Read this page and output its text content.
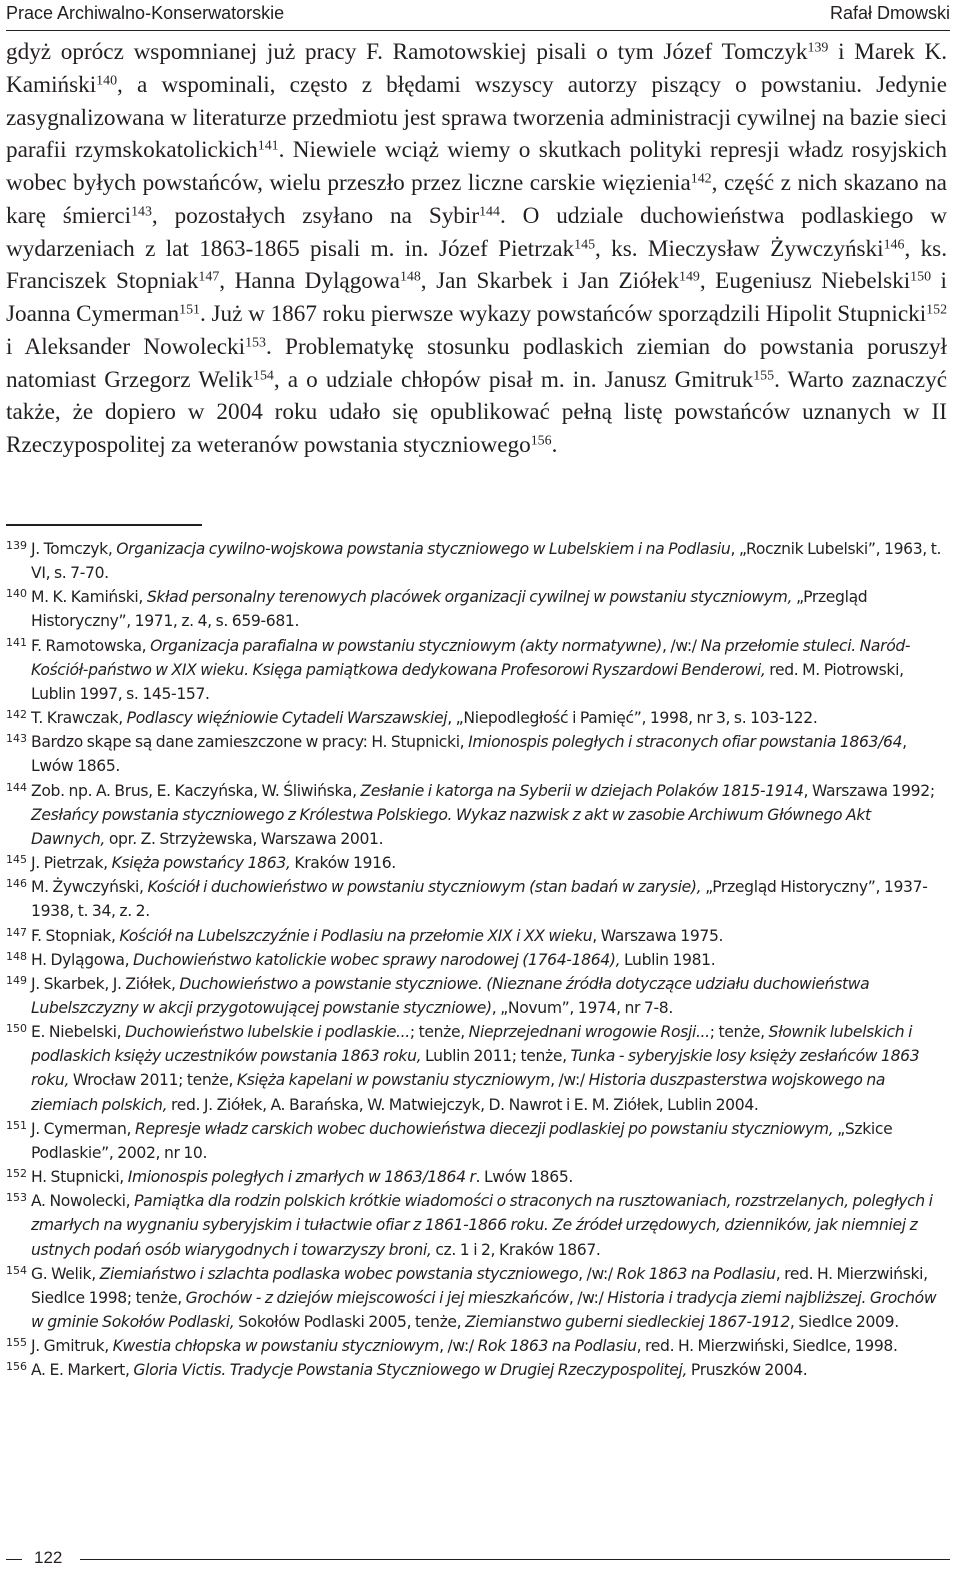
Prace Archiwalno-Konserwatorskie	Rafał Dmowski

gdyż oprócz wspomnianej już pracy F. Ramotowskiej pisali o tym Józef Tomczyk$^{139}$ i Marek K. Kamiński$^{140}$, a wspominali, często z błędami wszyscy autorzy piszący o powstaniu. Jedynie zasygnalizowana w literaturze przedmiotu jest sprawa tworzenia administracji cywilnej na bazie sieci parafii rzymskokatolickich$^{141}$. Niewiele wciąż wiemy o skutkach polityki represji władz rosyjskich wobec byłych powstańców, wielu przeszło przez liczne carskie więzienia$^{142}$, część z nich skazano na karę śmierci$^{143}$, pozostałych zsyłano na Sybir$^{144}$. O udziale duchowieństwa podlaskiego w wydarzeniach z lat 1863-1865 pisali m. in. Józef Pietrzak$^{145}$, ks. Mieczysław Żywczyński$^{146}$, ks. Franciszek Stopniak$^{147}$, Hanna Dylągowa$^{148}$, Jan Skarbek i Jan Ziółek$^{149}$, Eugeniusz Niebelski$^{150}$ i Joanna Cymerman$^{151}$. Już w 1867 roku pierwsze wykazy powstańców sporządzili Hipolit Stupnicki$^{152}$ i Aleksander Nowolecki$^{153}$. Problematykę stosunku podlaskich ziemian do powstania poruszył natomiast Grzegorz Welik$^{154}$, a o udziale chłopów pisał m. in. Janusz Gmitruk$^{155}$. Warto zaznaczyć także, że dopiero w 2004 roku udało się opublikować pełną listę powstańców uznanych w II Rzeczypospolitej za weteranów powstania styczniowego$^{156}$.

139 J. Tomczyk, Organizacja cywilno-wojskowa powstania styczniowego w Lubelskiem i na Podlasiu, „Rocznik Lubelski”, 1963, t. VI, s. 7-70.

140 M. K. Kamiński, Skład personalny terenowych placówek organizacji cywilnej w powstaniu styczniowym, „Przegląd Historyczny”, 1971, z. 4, s. 659-681.

141 F. Ramotowska, Organizacja parafialna w powstaniu styczniowym (akty normatywne), /w:/ Na przełomie stuleci. Naród-Kościół-państwo w XIX wieku. Księga pamiątkowa dedykowana Profesorowi Ryszardowi Benderowi, red. M. Piotrowski, Lublin 1997, s. 145-157.

142 T. Krawczak, Podlascy więźniowie Cytadeli Warszawskiej, „Niepodległość i Pamięć”, 1998, nr 3, s. 103-122.

143 Bardzo skąpe są dane zamieszczone w pracy: H. Stupnicki, Imionospis poległych i straconych ofiar powstania 1863/64, Lwów 1865.

144 Zob. np. A. Brus, E. Kaczyńska, W. Śliwińska, Zesłanie i katorga na Syberii w dziejach Polaków 1815-1914, Warszawa 1992; Zesłańcy powstania styczniowego z Królestwa Polskiego. Wykaz nazwisk z akt w zasobie Archiwum Głównego Akt Dawnych, opr. Z. Strzyżewska, Warszawa 2001.

145 J. Pietrzak, Księża powstańcy 1863, Kraków 1916.

146 M. Żywczyński, Kościół i duchowieństwo w powstaniu styczniowym (stan badań w zarysie), „Przegląd Historyczny”, 1937-1938, t. 34, z. 2.

147 F. Stopniak, Kościół na Lubelszczyźnie i Podlasiu na przełomie XIX i XX wieku, Warszawa 1975.

148 H. Dylągowa, Duchowieństwo katolickie wobec sprawy narodowej (1764-1864), Lublin 1981.

149 J. Skarbek, J. Ziółek, Duchowieństwo a powstanie styczniowe. (Nieznane źródła dotyczące udziału duchowieństwa Lubelszczyzny w akcji przygotowującej powstanie styczniowe), „Novum”, 1974, nr 7-8.

150 E. Niebelski, Duchowieństwo lubelskie i podlaskie...; tenże, Nieprzejednani wrogowie Rosji...; tenże, Słownik lubelskich i podlaskich księży uczestników powstania 1863 roku, Lublin 2011; tenże, Tunka - syberyjskie losy księży zesłańców 1863 roku, Wrocław 2011; tenże, Księża kapelani w powstaniu styczniowym, /w:/ Historia duszpasterstwa wojskowego na ziemiach polskich, red. J. Ziółek, A. Barańska, W. Matwiejczyk, D. Nawrot i E. M. Ziółek, Lublin 2004.

151 J. Cymerman, Represje władz carskich wobec duchowieństwa diecezji podlaskiej po powstaniu styczniowym, „Szkice Podlaskie”, 2002, nr 10.

152 H. Stupnicki, Imionospis poległych i zmarłych w 1863/1864 r. Lwów 1865.

153 A. Nowolecki, Pamiątka dla rodzin polskich krótkie wiadomości o straconych na rusztowaniach, rozstrzelanych, poległych i zmarłych na wygnaniu syberyjskim i tułactwie ofiar z 1861-1866 roku. Ze źródeł urzędowych, dzienników, jak niemniej z ustnych podań osób wiarygodnych i towarzyszy broni, cz. 1 i 2, Kraków 1867.

154 G. Welik, Ziemiaństwo i szlachta podlaska wobec powstania styczniowego, /w:/ Rok 1863 na Podlasiu, red. H. Mierzwiński, Siedlce 1998; tenże, Grochów - z dziejów miejscowości i jej mieszkańców, /w:/ Historia i tradycja ziemi najbliższej. Grochów w gminie Sokołów Podlaski, Sokołów Podlaski 2005, tenże, Ziemianstwo guberni siedleckiej 1867-1912, Siedlce 2009.

155 J. Gmitruk, Kwestia chłopska w powstaniu styczniowym, /w:/ Rok 1863 na Podlasiu, red. H. Mierzwiński, Siedlce, 1998.

156 A. E. Markert, Gloria Victis. Tradycje Powstania Styczniowego w Drugiej Rzeczypospolitej, Pruszków 2004.

122
